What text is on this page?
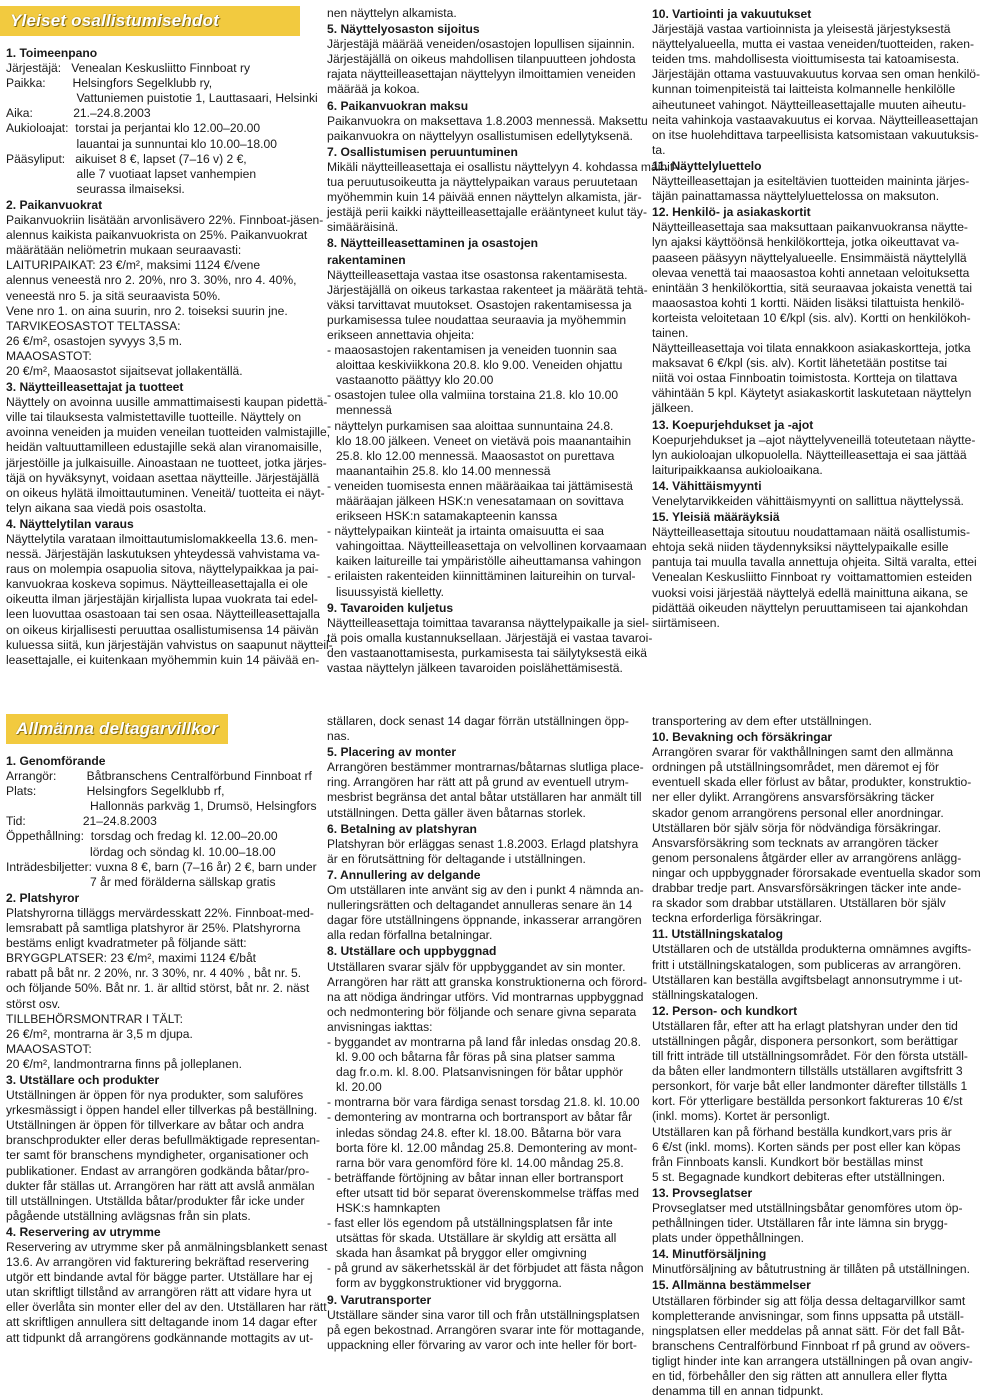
Yleiset osallistumisehdot

1. Toimeenpano

Järjestäjä:   Venealan Keskusliitto Finnboat ry

Paikka:        Helsingfors Segelklubb ry,

Vattuniemen puistotie 1, Lauttasaari, Helsinki

Aika:            21.–24.8.2003

Aukioloajat:  torstai ja perjantai klo 12.00–20.00

lauantai ja sunnuntai klo 10.00–18.00

Pääsyliput:   aikuiset 8 €, lapset (7–16 v) 2 €,

alle 7 vuotiaat lapset vanhempien

seurassa ilmaiseksi.

2. Paikanvuokrat

Paikanvuokriin lisätään arvonlisävero 22%. Finnboat-jäsen-

alennus kaikista paikanvuokrista on 25%. Paikanvuokrat

määrätään neliömetrin mukaan seuraavasti:

LAITURIPAIKAT: 23 €/m², maksimi 1124 €/vene

alennus veneestä nro 2. 20%, nro 3. 30%, nro 4. 40%,

veneestä nro 5. ja sitä seuraavista 50%.

Vene nro 1. on aina suurin, nro 2. toiseksi suurin jne.

TARVIKEOSASTOT TELTASSA:

26 €/m², osastojen syvyys 3,5 m.

MAAOSASTOT:

20 €/m², Maaosastot sijaitsevat jollakentällä.

3. Näytteilleasettajat ja tuotteet

Näyttely on avoinna uusille ammattimaisesti kaupan pidettä-

ville tai tilauksesta valmistettaville tuotteille. Näyttely on

avoinna veneiden ja muiden veneilan tuotteiden valmistajille,

heidän valtuuttamilleen edustajille sekä alan viranomaisille,

järjestöille ja julkaisuille. Ainoastaan ne tuotteet, jotka järjes-

täjä on hyväksynyt, voidaan asettaa näytteille. Järjestäjällä

on oikeus hylätä ilmoittautuminen. Veneitä/ tuotteita ei näyt-

telyn aikana saa viedä pois osastolta.

4. Näyttelytilan varaus

Näyttelytila varataan ilmoittautumislomakkeella 13.6. men-

nessä. Järjestäjän laskutuksen yhteydessä vahvistama va-

raus on molempia osapuolia sitova, näyttelypaikkaa ja pai-

kanvuokraa koskeva sopimus. Näytteilleasettajalla ei ole

oikeutta ilman järjestäjän kirjallista lupaa vuokrata tai edel-

leen luovuttaa osastoaan tai sen osaa. Näytteilleasettajalla

on oikeus kirjallisesti peruuttaa osallistumisensa 14 päivän

kuluessa siitä, kun järjestäjän vahvistus on saapunut näytteil-

leasettajalle, ei kuitenkaan myöhemmin kuin 14 päivää en-

nen näyttelyn alkamista.

5. Näyttelyosaston sijoitus

Järjestäjä määrää veneiden/osastojen lopullisen sijainnin.

Järjestäjällä on oikeus mahdollisen tilanpuutteen johdosta

rajata näytteilleasettajan näyttelyyn ilmoittamien veneiden

määrää ja kokoa.

6. Paikanvuokran maksu

Paikanvuokra on maksettava 1.8.2003 mennessä. Maksettu

paikanvuokra on näyttelyyn osallistumisen edellytyksenä.

7. Osallistumisen peruuntuminen

Mikäli näytteilleasettaja ei osallistu näyttelyyn 4. kohdassa mainit-

tua peruutusoikeutta ja näyttelypaikan varaus peruutetaan

myöhemmin kuin 14 päivää ennen näyttelyn alkamista, jär-

jestäjä perii kaikki näytteilleasettajalle erääntyneet kulut täy-

simääräisinä.

8. Näytteilleasettaminen ja osastojen

rakentaminen

Näytteilleasettaja vastaa itse osastonsa rakentamisesta.

Järjestäjällä on oikeus tarkastaa rakenteet ja määrätä tehtä-

väksi tarvittavat muutokset. Osastojen rakentamisessa ja

purkamisessa tulee noudattaa seuraavia ja myöhemmin

erikseen annettavia ohjeita:

- maaosastojen rakentamisen ja veneiden tuonnin saa

aloittaa keskiviikkona 20.8. klo 9.00. Veneiden ohjattu

vastaanotto päättyy klo 20.00

- osastojen tulee olla valmiina torstaina 21.8. klo 10.00

mennessä

- näyttelyn purkamisen saa aloittaa sunnuntaina 24.8.

klo 18.00 jälkeen. Veneet on vietävä pois maanantaihin

25.8. klo 12.00 mennessä. Maaosastot on purettava

maanantaihin 25.8. klo 14.00 mennessä

- veneiden tuomisesta ennen määräaikaa tai jättämisestä

määräajan jälkeen HSK:n venesatamaan on sovittava

erikseen HSK:n satamakapteenin kanssa

- näyttelypaikan kiinteät ja irtainta omaisuutta ei saa

vahingoittaa. Näytteilleasettaja on velvollinen korvaamaan

kaiken laitureille tai ympäristölle aiheuttamansa vahingon

- erilaisten rakenteiden kiinnittäminen laitureihin on turval-

lisuussyistä kielletty.

9. Tavaroiden kuljetus

Näytteilleasettaja toimittaa tavaransa näyttelypaikalle ja siel-

tä pois omalla kustannuksellaan. Järjestäjä ei vastaa tavaroi-

den vastaanottamisesta, purkamisesta tai säilytyksestä eikä

vastaa näyttelyn jälkeen tavaroiden poislähettämisestä.

10. Vartiointi ja vakuutukset

Järjestäjä vastaa vartioinnista ja yleisestä järjestyksestä

näyttelyalueella, mutta ei vastaa veneiden/tuotteiden, raken-

teiden tms. mahdollisesta vioittumisesta tai katoamisesta.

Järjestäjän ottama vastuuvakuutus korvaa sen oman henkilö-

kunnan toimenpiteistä tai laitteista kolmannelle henkilölle

aiheutuneet vahingot. Näytteilleasettajalle muuten aiheutu-

neita vahinkoja vastaavakuutus ei korvaa. Näytteilleasettajan

on itse huolehdittava tarpeellisista katsomistaan vakuutuksis-

ta.

11. Näyttelyluettelo

Näytteilleasettajan ja esiteltävien tuotteiden maininta järjes-

täjän painattamassa näyttelyluettelossa on maksuton.

12. Henkilö- ja asiakaskortit

Näytteilleasettaja saa maksuttaan paikanvuokransa näytte-

lyn ajaksi käyttöönsä henkilökortteja, jotka oikeuttavat va-

paaseen pääsyyn näyttelyalueelle. Ensimmäistä näyttelyllä

olevaa venettä tai maaosastoa kohti annetaan veloituksetta

enintään 3 henkilökorttia, sitä seuraavaa jokaista venettä tai

maaosastoa kohti 1 kortti. Näiden lisäksi tilattuista henkilö-

korteista veloitetaan 10 €/kpl (sis. alv). Kortti on henkilökoh-

tainen.

Näytteilleasettaja voi tilata ennakkoon asiakaskortteja, jotka

maksavat 6 €/kpl (sis. alv). Kortit lähetetään postitse tai

niitä voi ostaa Finnboatin toimistosta. Kortteja on tilattava

vähintään 5 kpl. Käytetyt asiakaskortit laskutetaan näyttelyn

jälkeen.

13. Koepurjehdukset ja -ajot

Koepurjehdukset ja –ajot näyttelyveneillä toteutetaan näytte-

lyn aukioloajan ulkopuolella. Näytteilleasettaja ei saa jättää

laituripaikkaansa aukioloaikana.

14. Vähittäismyynti

Venelytarvikkeiden vähittäismyynti on sallittua näyttelyssä.

15. Yleisiä määräyksiä

Näytteilleasettaja sitoutuu noudattamaan näitä osallistumis-

ehtoja sekä niiden täydennyksiksi näyttelypaikalle esille

pantuja tai muulla tavalla annettuja ohjeita. Siltä varalta, ettei

Venealan Keskusliitto Finnboat ry  voittamattomien esteiden

vuoksi voisi järjestää näyttelyä edellä mainittuna aikana, se

pidättää oikeuden näyttelyn peruuttamiseen tai ajankohdan

siirtämiseen.

Allmänna deltagarvillkor

1. Genomförande

Arrangör:         Båtbranschens Centralförbund Finnboat rf

Plats:               Helsingfors Segelklubb rf,

Hallonnäs parkväg 1, Drumsö, Helsingfors

Tid:                 21–24.8.2003

Öppethållning:  torsdag och fredag kl. 12.00–20.00

lördag och söndag kl. 10.00–18.00

Inträdesbiljetter: vuxna 8 €, barn (7–16 år) 2 €, barn under

7 år med förälderna sällskap gratis

2. Platshyror

Platshyrorna tilläggs mervärdesskatt 22%. Finnboat-med-

lemsrabatt på samtliga platshyror är 25%. Platshyrorna

bestäms enligt kvadratmeter på följande sätt:

BRYGGPLATSER: 23 €/m², maximi 1124 €/båt

rabatt på båt nr. 2 20%, nr. 3 30%, nr. 4 40% , båt nr. 5.

och följande 50%. Båt nr. 1. är alltid störst, båt nr. 2. näst

störst osv.

TILLBEHÖRSMONTRAR I TÄLT:

26 €/m², montrarna är 3,5 m djupa.

MAAOSASTOT:

20 €/m², landmontrarna finns på jolleplanen.

3. Utställare och produkter

Utställningen är öppen för nya produkter, som saluföres

yrkesmässigt i öppen handel eller tillverkas på beställning.

Utställningen är öppen för tillverkare av båtar och andra

branschprodukter eller deras befullmäktigade representan-

ter samt för branschens myndigheter, organisationer och

publikationer. Endast av arrangören godkända båtar/pro-

dukter får ställas ut. Arrangören har rätt att avslå anmälan

till utställningen. Utställda båtar/produkter får icke under

pågående utställning avlägsnas från sin plats.

4. Reservering av utrymme

Reservering av utrymme sker på anmälningsblankett senast

13.6. Av arrangören vid fakturering bekräftad reservering

utgör ett bindande avtal för bägge parter. Utställare har ej

utan skriftligt tillstånd av arrangören rätt att vidare hyra ut

eller överlåta sin monter eller del av den. Utställaren har rätt

att skriftligen annullera sitt deltagande inom 14 dagar efter

att tidpunkt då arrangörens godkännande mottagits av ut-

ställaren, dock senast 14 dagar förrän utställningen öpp-

nas.

5. Placering av monter

Arrangören bestämmer montrarnas/båtarnas slutliga place-

ring. Arrangören har rätt att på grund av eventuell utrym-

mesbrist begränsa det antal båtar utställaren har anmält till

utställningen. Detta gäller även båtarnas storlek.

6. Betalning av platshyran

Platshyran bör erläggas senast 1.8.2003. Erlagd platshyra

är en förutsättning för deltagande i utställningen.

7. Annullering av delgande

Om utställaren inte använt sig av den i punkt 4 nämnda an-

nulleringsrätten och deltagandet annulleras senare än 14

dagar före utställningens öppnande, inkasserar arrangören

alla redan förfallna betalningar.

8. Utställare och uppbyggnad

Utställaren svarar själv för uppbyggandet av sin monter.

Arrangören har rätt att granska konstruktionerna och förord-

na att nödiga ändringar utförs. Vid montrarnas uppbyggnad

och nedmontering bör följande och senare givna separata

anvisningas iakttas:

- byggandet av montrarna på land får inledas onsdag 20.8.

kl. 9.00 och båtarna får föras på sina platser samma

dag fr.o.m. kl. 8.00. Platsanvisningen för båtar upphör

kl. 20.00

- montrarna bör vara färdiga senast torsdag 21.8. kl. 10.00

- demontering av montrarna och bortransport av båtar får

inledas söndag 24.8. efter kl. 18.00. Båtarna bör vara

borta före kl. 12.00 måndag 25.8. Demontering av mont-

rarna bör vara genomförd före kl. 14.00 måndag 25.8.

- beträffande förtöjning av båtar innan eller bortransport

efter utsatt tid bör separat överenskommelse träffas med

HSK:s hamnkapten

- fast eller lös egendom på utställningsplatsen får inte

utsättas för skada. Utställare är skyldig att ersätta all

skada han åsamkat på bryggor eller omgivning

- på grund av säkerhetsskäl är det förbjudet att fästa någon

form av byggkonstruktioner vid bryggorna.

9. Varutransporter

Utställare sänder sina varor till och från utställningsplatsen

på egen bekostnad. Arrangören svarar inte för mottagande,

uppackning eller förvaring av varor och inte heller för bort-

transportering av dem efter utställningen.

10. Bevakning och försäkringar

Arrangören svarar för vakthållningen samt den allmänna

ordningen på utställningsområdet, men däremot ej för

eventuell skada eller förlust av båtar, produkter, konstruktio-

ner eller dylikt. Arrangörens ansvarsförsäkring täcker

skador genom arrangörens personal eller anordningar.

Utställaren bör själv sörja för nödvändiga försäkringar.

Ansvarsförsäkring som tecknats av arrangören täcker

genom personalens åtgärder eller av arrangörens anlägg-

ningar och uppbyggnader förorsakade eventuella skador som

drabbar tredje part. Ansvarsförsäkringen täcker inte ande-

ra skador som drabbar utställaren. Utställaren bör själv

teckna erforderliga försäkringar.

11. Utställningskatalog

Utställaren och de utställda produkterna omnämnes avgifts-

fritt i utställningskatalogen, som publiceras av arrangören.

Utställaren kan beställa avgiftsbelagt annonsutrymme i ut-

ställningskatalogen.

12. Person- och kundkort

Utställaren får, efter att ha erlagt platshyran under den tid

utställningen pågår, disponera personkort, som berättigar

till fritt inträde till utställningsområdet. För den första utställ-

da båten eller landmontern tillställs utställaren avgiftsfritt 3

personkort, för varje båt eller landmonter därefter tillställs 1

kort. För ytterligare beställda personkort faktureras 10 €/st

(inkl. moms). Kortet är personligt.

Utställaren kan på förhand beställa kundkort,vars pris är

6 €/st (inkl. moms). Korten sänds per post eller kan köpas

från Finnboats kansli. Kundkort bör beställas minst

5 st. Begagnade kundkort debiteras efter utställningen.

13. Provseglatser

Provseglatser med utställningsbåtar genomföres utom öp-

pethållningen tider. Utställaren får inte lämna sin brygg-

plats under öppethållningen.

14. Minutförsäljning

Minutförsäljning av båtutrustning är tillåten på utställningen.

15. Allmänna bestämmelser

Utställaren förbinder sig att följa dessa deltagarvillkor samt

kompletterande anvisningar, som finns uppsatta på utställ-

ningsplatsen eller meddelas på annat sätt. För det fall Båt-

branschens Centralförbund Finnboat rf på grund av oövers-

tigligt hinder inte kan arrangera utställningen på ovan angiv-

en tid, förbehåller den sig rätten att annullera eller flytta

denamma till en annan tidpunkt.
